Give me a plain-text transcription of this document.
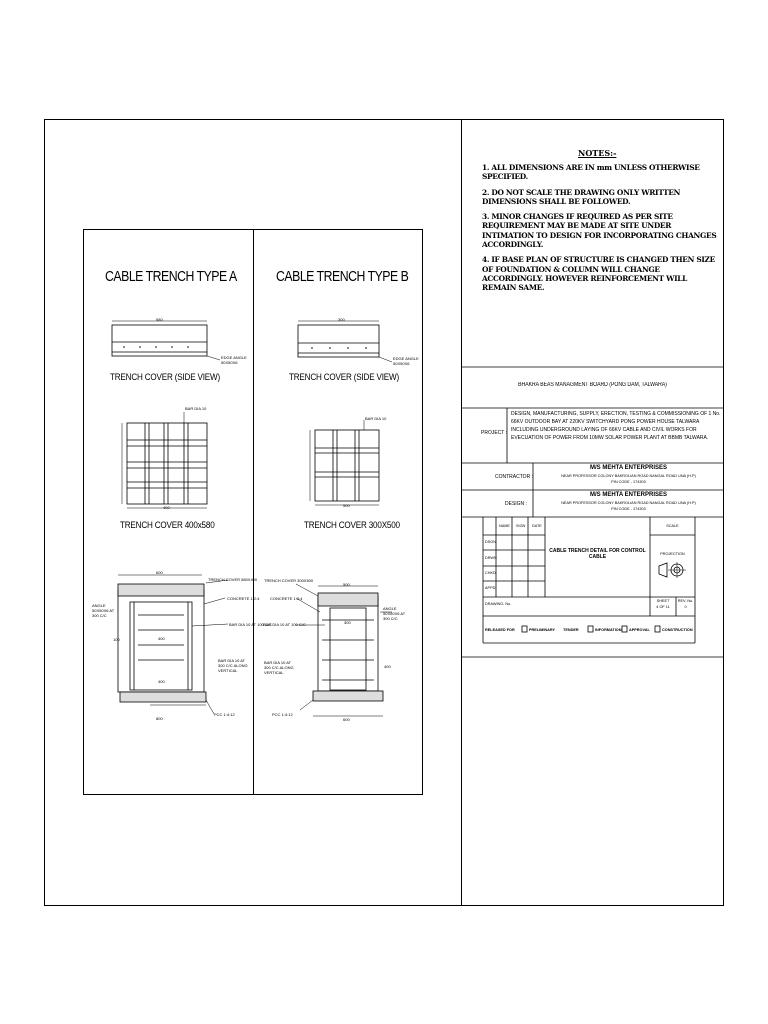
CABLE TRENCH TYPE A
580
EDGE ANGLE 50X50X6
TRENCH COVER (SIDE VIEW)
BAR DIA 10
400
TRENCH COVER 400x580
600
TRENCH COVER 580X400
CONCRETE 1:2:4
ANGLE 50X50X6 AT 300 C/C
BAR DIA 10 AT 100 C/C
100	400
BAR DIA 10 AT 300 C/C ALONG VERTICAL
400
PCC 1:4:12
800
CABLE TRENCH TYPE B
300
EDGE ANGLE 50X50X6
TRENCH COVER (SIDE VIEW)
BAR DIA 10
500
TRENCH COVER 300X500
TRENCH COVER 300X500
500
CONCRETE 1:2:4
ANGLE 50X50X6 AT 300 C/C
BAR DIA 10 AT 100 C/C	300
BAR DIA 10 AT 300 C/C ALONG VERTICAL
400
PCC 1:4:12
600
NOTES:-

1. ALL DIMENSIONS ARE IN mm UNLESS OTHERWISE SPECIFIED.

2. DO NOT SCALE THE DRAWING ONLY WRITTEN DIMENSIONS SHALL BE FOLLOWED.

3. MINOR CHANGES IF REQUIRED AS PER SITE REQUIREMENT MAY BE MADE AT SITE UNDER INTIMATION TO DESIGN FOR INCORPORATING CHANGES ACCORDINGLY.

4. IF BASE PLAN OF STRUCTURE IS CHANGED THEN SIZE OF FOUNDATION & COLUMN WILL CHANGE ACCORDINGLY. HOWEVER REINFORCEMENT WILL REMAIN SAME.

BHAKRA BEAS MANAGMENT BOARD (PONG DAM, TALWARA)
PROJECT :
DESIGN, MANUFACTURING, SUPPLY, ERECTION, TESTING & COMMISSIONING OF 1 No. 66KV OUTDOOR BAY AT 220KV SWITCHYARD PONG POWER HOUSE TALWARA INCLUDING UNDERGROUND LAYING OF 66KV CABLE AND CIVIL WORKS FOR EVECUATION OF POWER FROM 10MW SOLAR POWER PLANT AT BBMB TALWARA.
CONTRACTOR :
M/S MEHTA ENTERPRISES
NEAR PROFESSOR COLONY BAKROLIAN ROAD NANGAL ROAD UNA (H.P)
PIN CODE - 174303
DESIGN :
M/S MEHTA ENTERPRISES
NEAR PROFESSOR COLONY BAKROLIAN ROAD NANGAL ROAD UNA (H.P)
PIN CODE - 174303
NAME SIGN DATE
DSGN
DRWN
CHKD
APPD
CABLE TRENCH DETAIL FOR CONTROL CABLE
SCALE
PROJECTION
DRAWING. No.
SHEET
4 OF 11
REV. No.
0
RELEASED FOR	PRELIMINARY TENDER	INFORMATION APPROVAL	CONSTRUCTION
